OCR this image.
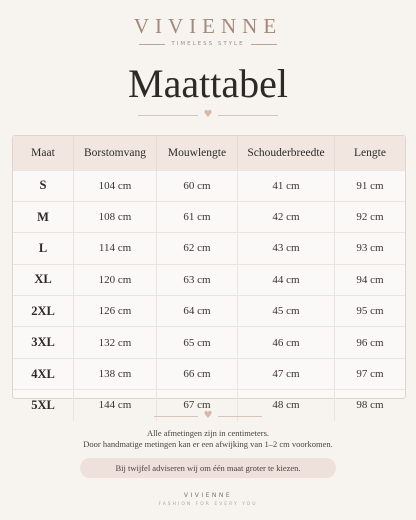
VIVIENNE
TIMELESS STYLE
Maattabel
♥
Maat	Borstomvang	Mouwlengte	Schouderbreedte	Lengte
S	104 cm	60 cm	41 cm	91 cm
M	108 cm	61 cm	42 cm	92 cm
L	114 cm	62 cm	43 cm	93 cm
XL	120 cm	63 cm	44 cm	94 cm
2XL	126 cm	64 cm	45 cm	95 cm
3XL	132 cm	65 cm	46 cm	96 cm
4XL	138 cm	66 cm	47 cm	97 cm
5XL	144 cm	67 cm	48 cm	98 cm
♥
Alle afmetingen zijn in centimeters.
Door handmatige metingen kan er een afwijking van 1–2 cm voorkomen.
Bij twijfel adviseren wij om één maat groter te kiezen.
VIVIENNE
FASHION FOR EVERY YOU
